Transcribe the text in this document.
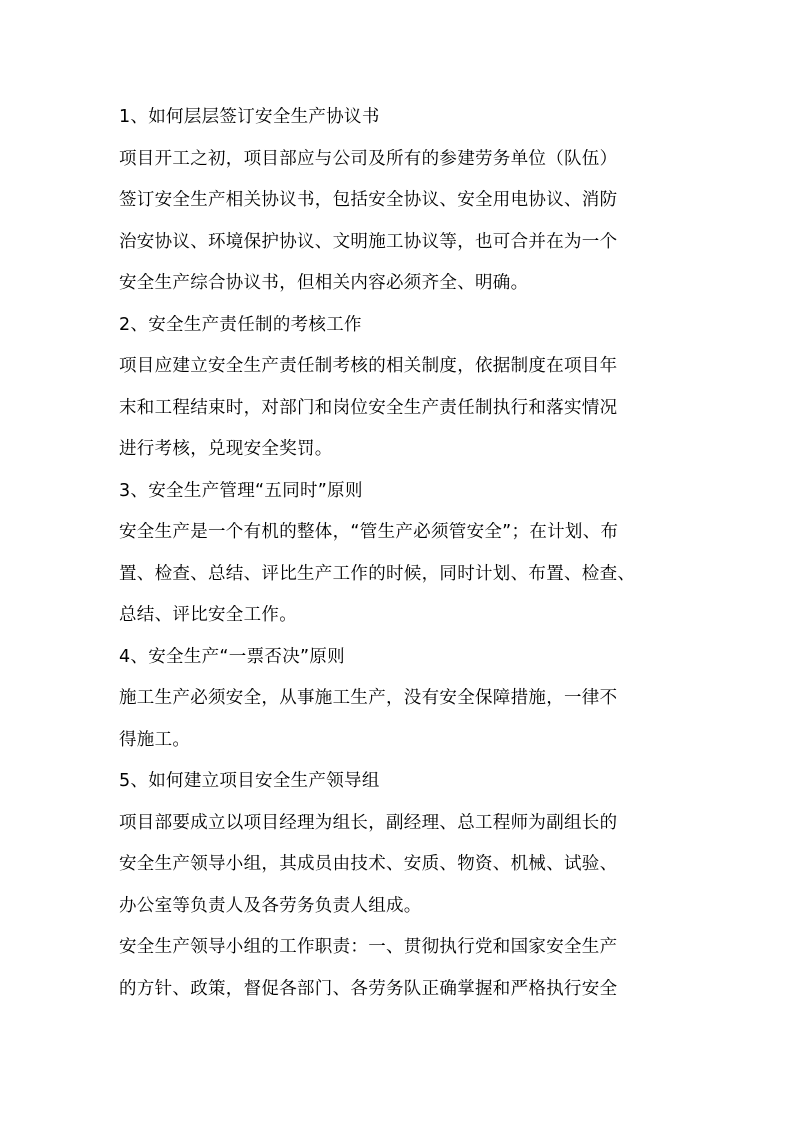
1、如何层层签订安全生产协议书
项目开工之初，项目部应与公司及所有的参建劳务单位（队伍）
签订安全生产相关协议书，包括安全协议、安全用电协议、消防
治安协议、环境保护协议、文明施工协议等，也可合并在为一个
安全生产综合协议书，但相关内容必须齐全、明确。
2、安全生产责任制的考核工作
项目应建立安全生产责任制考核的相关制度，依据制度在项目年
末和工程结束时，对部门和岗位安全生产责任制执行和落实情况
进行考核，兑现安全奖罚。
3、安全生产管理“五同时”原则
安全生产是一个有机的整体，“管生产必须管安全”；在计划、布
置、检查、总结、评比生产工作的时候，同时计划、布置、检查、
总结、评比安全工作。
4、安全生产“一票否决”原则
施工生产必须安全，从事施工生产，没有安全保障措施，一律不
得施工。
5、如何建立项目安全生产领导组
项目部要成立以项目经理为组长，副经理、总工程师为副组长的
安全生产领导小组，其成员由技术、安质、物资、机械、试验、
办公室等负责人及各劳务负责人组成。
安全生产领导小组的工作职责：一、贯彻执行党和国家安全生产
的方针、政策，督促各部门、各劳务队正确掌握和严格执行安全
